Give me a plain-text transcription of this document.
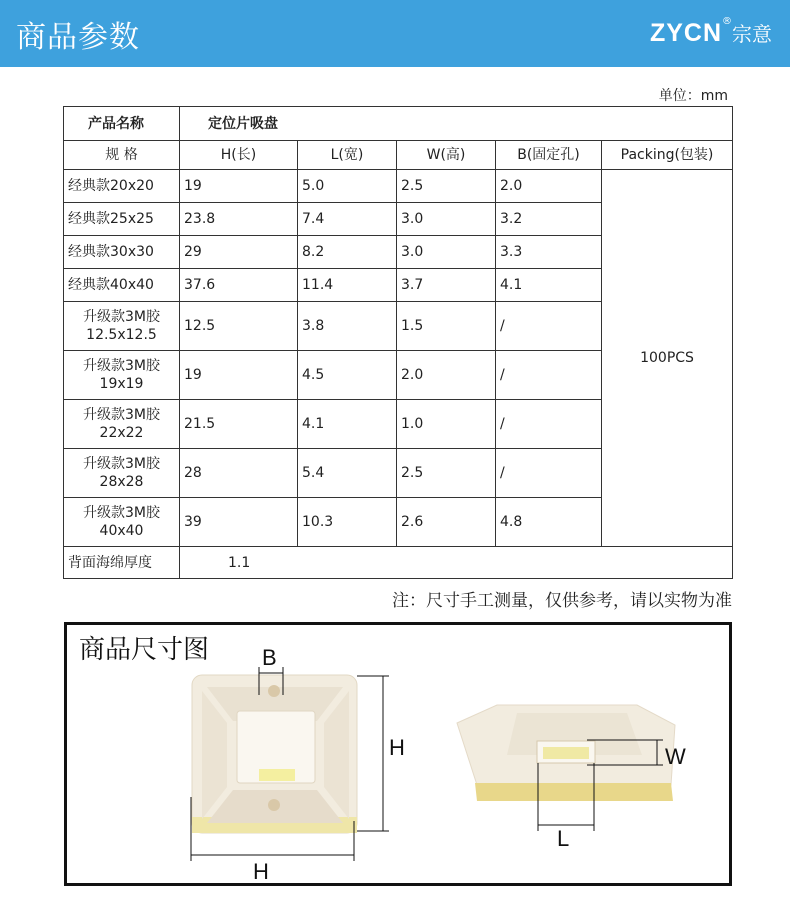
商品参数	ZYCN®宗意
单位：mm
产品名称	定位片吸盘				
规 格	H(长)	L(宽)	W(高)	B(固定孔)	Packing(包装)
经典款20x20	19	5.0	2.5	2.0	100PCS
经典款25x25	23.8	7.4	3.0	3.2	
经典款30x30	29	8.2	3.0	3.3	
经典款40x40	37.6	11.4	3.7	4.1	

升级款3M胶
12.5x12.5	12.5	3.8	1.5	/	

升级款3M胶
19x19	19	4.5	2.0	/	

升级款3M胶
22x22	21.5	4.1	1.0	/	

升级款3M胶
28x28	28	5.4	2.5	/	

升级款3M胶
40x40	39	10.3	2.6	4.8	
背面海绵厚度	1.1				
注：尺寸手工测量，仅供参考，请以实物为准
商品尺寸图 B
H
H
W
L
